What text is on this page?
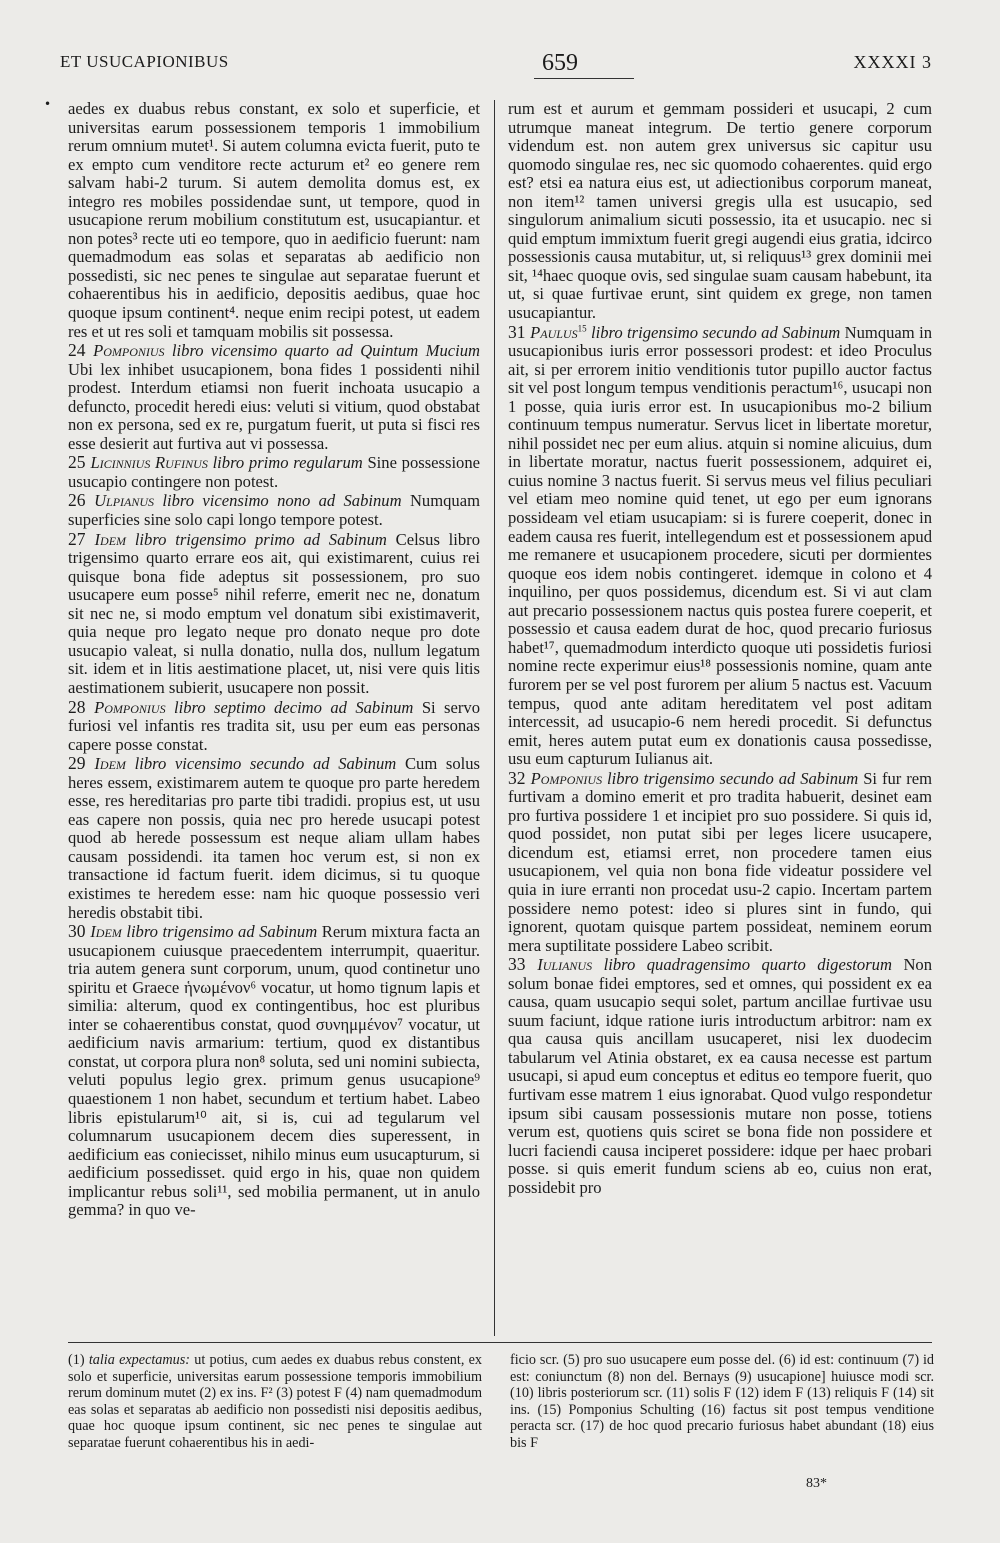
ET USUCAPIONIBUS	659	XXXXI 3
• aedes ex duabus rebus constant, ex solo et superficie, et universitas earum possessionem temporis 1 immobilium rerum omnium mutet¹. Si autem columna evicta fuerit, puto te ex empto cum venditore recte acturum et² eo genere rem salvam habi-2 turum. Si autem demolita domus est, ex integro res mobiles possidendae sunt, ut tempore, quod in usucapione rerum mobilium constitutum est, usucapiantur. et non potes³ recte uti eo tempore, quo in aedificio fuerunt: nam quemadmodum eas solas et separatas ab aedificio non possedisti, sic nec penes te singulae aut separatae fuerunt et cohaerentibus his in aedificio, depositis aedibus, quae hoc quoque ipsum continent⁴. neque enim recipi potest, ut eadem res et ut res soli et tamquam mobilis sit possessa.

24 Pomponius libro vicensimo quarto ad Quintum Mucium Ubi lex inhibet usucapionem, bona fides 1 possidenti nihil prodest. Interdum etiamsi non fuerit inchoata usucapio a defuncto, procedit heredi eius: veluti si vitium, quod obstabat non ex persona, sed ex re, purgatum fuerit, ut puta si fisci res esse desierit aut furtiva aut vi possessa.

25 Licinnius Rufinus libro primo regularum Sine possessione usucapio contingere non potest.

26 Ulpianus libro vicensimo nono ad Sabinum Numquam superficies sine solo capi longo tempore potest.

27 Idem libro trigensimo primo ad Sabinum Celsus libro trigensimo quarto errare eos ait, qui existimarent, cuius rei quisque bona fide adeptus sit possessionem, pro suo usucapere eum posse⁵ nihil referre, emerit nec ne, donatum sit nec ne, si modo emptum vel donatum sibi existimaverit, quia neque pro legato neque pro donato neque pro dote usucapio valeat, si nulla donatio, nulla dos, nullum legatum sit. idem et in litis aestimatione placet, ut, nisi vere quis litis aestimationem subierit, usucapere non possit.

28 Pomponius libro septimo decimo ad Sabinum Si servo furiosi vel infantis res tradita sit, usu per eum eas personas capere posse constat.

29 Idem libro vicensimo secundo ad Sabinum Cum solus heres essem, existimarem autem te quoque pro parte heredem esse, res hereditarias pro parte tibi tradidi. propius est, ut usu eas capere non possis, quia nec pro herede usucapi potest quod ab herede possessum est neque aliam ullam habes causam possidendi. ita tamen hoc verum est, si non ex transactione id factum fuerit. idem dicimus, si tu quoque existimes te heredem esse: nam hic quoque possessio veri heredis obstabit tibi.

30 Idem libro trigensimo ad Sabinum Rerum mixtura facta an usucapionem cuiusque praecedentem interrumpit, quaeritur. tria autem genera sunt corporum, unum, quod continetur uno spiritu et Graece ἡνωμένον⁶ vocatur, ut homo tignum lapis et similia: alterum, quod ex contingentibus, hoc est pluribus inter se cohaerentibus constat, quod συνημμένον⁷ vocatur, ut aedificium navis armarium: tertium, quod ex distantibus constat, ut corpora plura non⁸ soluta, sed uni nomini subiecta, veluti populus legio grex. primum genus usucapione⁹ quaestionem 1 non habet, secundum et tertium habet. Labeo libris epistularum¹⁰ ait, si is, cui ad tegularum vel columnarum usucapionem decem dies superessent, in aedificium eas coniecisset, nihilo minus eum usucapturum, si aedificium possedisset. quid ergo in his, quae non quidem implicantur rebus soli¹¹, sed mobilia permanent, ut in anulo gemma? in quo ve-

rum est et aurum et gemmam possideri et usucapi, 2 cum utrumque maneat integrum. De tertio genere corporum videndum est. non autem grex universus sic capitur usu quomodo singulae res, nec sic quomodo cohaerentes. quid ergo est? etsi ea natura eius est, ut adiectionibus corporum maneat, non item¹² tamen universi gregis ulla est usucapio, sed singulorum animalium sicuti possessio, ita et usucapio. nec si quid emptum immixtum fuerit gregi augendi eius gratia, idcirco possessionis causa mutabitur, ut, si reliquus¹³ grex dominii mei sit, ¹⁴haec quoque ovis, sed singulae suam causam habebunt, ita ut, si quae furtivae erunt, sint quidem ex grege, non tamen usucapiantur.

31 Paulus$^{15}$ libro trigensimo secundo ad Sabinum Numquam in usucapionibus iuris error possessori prodest: et ideo Proculus ait, si per errorem initio venditionis tutor pupillo auctor factus sit vel post longum tempus venditionis peractum¹⁶, usucapi non 1 posse, quia iuris error est. In usucapionibus mo-2 bilium continuum tempus numeratur. Servus licet in libertate moretur, nihil possidet nec per eum alius. atquin si nomine alicuius, dum in libertate moratur, nactus fuerit possessionem, adquiret ei, cuius nomine 3 nactus fuerit. Si servus meus vel filius peculiari vel etiam meo nomine quid tenet, ut ego per eum ignorans possideam vel etiam usucapiam: si is furere coeperit, donec in eadem causa res fuerit, intellegendum est et possessionem apud me remanere et usucapionem procedere, sicuti per dormientes quoque eos idem nobis contingeret. idemque in colono et 4 inquilino, per quos possidemus, dicendum est. Si vi aut clam aut precario possessionem nactus quis postea furere coeperit, et possessio et causa eadem durat de hoc, quod precario furiosus habet¹⁷, quemadmodum interdicto quoque uti possidetis furiosi nomine recte experimur eius¹⁸ possessionis nomine, quam ante furorem per se vel post furorem per alium 5 nactus est. Vacuum tempus, quod ante aditam hereditatem vel post aditam intercessit, ad usucapio-6 nem heredi procedit. Si defunctus emit, heres autem putat eum ex donationis causa possedisse, usu eum capturum Iulianus ait.

32 Pomponius libro trigensimo secundo ad Sabinum Si fur rem furtivam a domino emerit et pro tradita habuerit, desinet eam pro furtiva possidere 1 et incipiet pro suo possidere. Si quis id, quod possidet, non putat sibi per leges licere usucapere, dicendum est, etiamsi erret, non procedere tamen eius usucapionem, vel quia non bona fide videatur possidere vel quia in iure erranti non procedat usu-2 capio. Incertam partem possidere nemo potest: ideo si plures sint in fundo, qui ignorent, quotam quisque partem possideat, neminem eorum mera suptilitate possidere Labeo scribit.

33 Iulianus libro quadragensimo quarto digestorum Non solum bonae fidei emptores, sed et omnes, qui possident ex ea causa, quam usucapio sequi solet, partum ancillae furtivae usu suum faciunt, idque ratione iuris introductum arbitror: nam ex qua causa quis ancillam usucaperet, nisi lex duodecim tabularum vel Atinia obstaret, ex ea causa necesse est partum usucapi, si apud eum conceptus et editus eo tempore fuerit, quo furtivam esse matrem 1 eius ignorabat. Quod vulgo respondetur ipsum sibi causam possessionis mutare non posse, totiens verum est, quotiens quis sciret se bona fide non possidere et lucri faciendi causa inciperet possidere: idque per haec probari posse. si quis emerit fundum sciens ab eo, cuius non erat, possidebit pro

(1) talia expectamus: ut potius, cum aedes ex duabus rebus constent, ex solo et superficie, universitas earum possessione temporis immobilium rerum dominum mutet (2) ex ins. F² (3) potest F (4) nam quemadmodum eas solas et separatas ab aedificio non possedisti nisi depositis aedibus, quae hoc quoque ipsum continent, sic nec penes te singulae aut separatae fuerunt cohaerentibus his in aedi-
ficio scr. (5) pro suo usucapere eum posse del. (6) id est: continuum (7) id est: coniunctum (8) non del. Bernays (9) usucapione] huiusce modi scr. (10) libris posteriorum scr. (11) solis F (12) idem F (13) reliquis F (14) sit ins. (15) Pomponius Schulting (16) factus sit post tempus venditione peracta scr. (17) de hoc quod precario furiosus habet abundant (18) eius bis F
83*
